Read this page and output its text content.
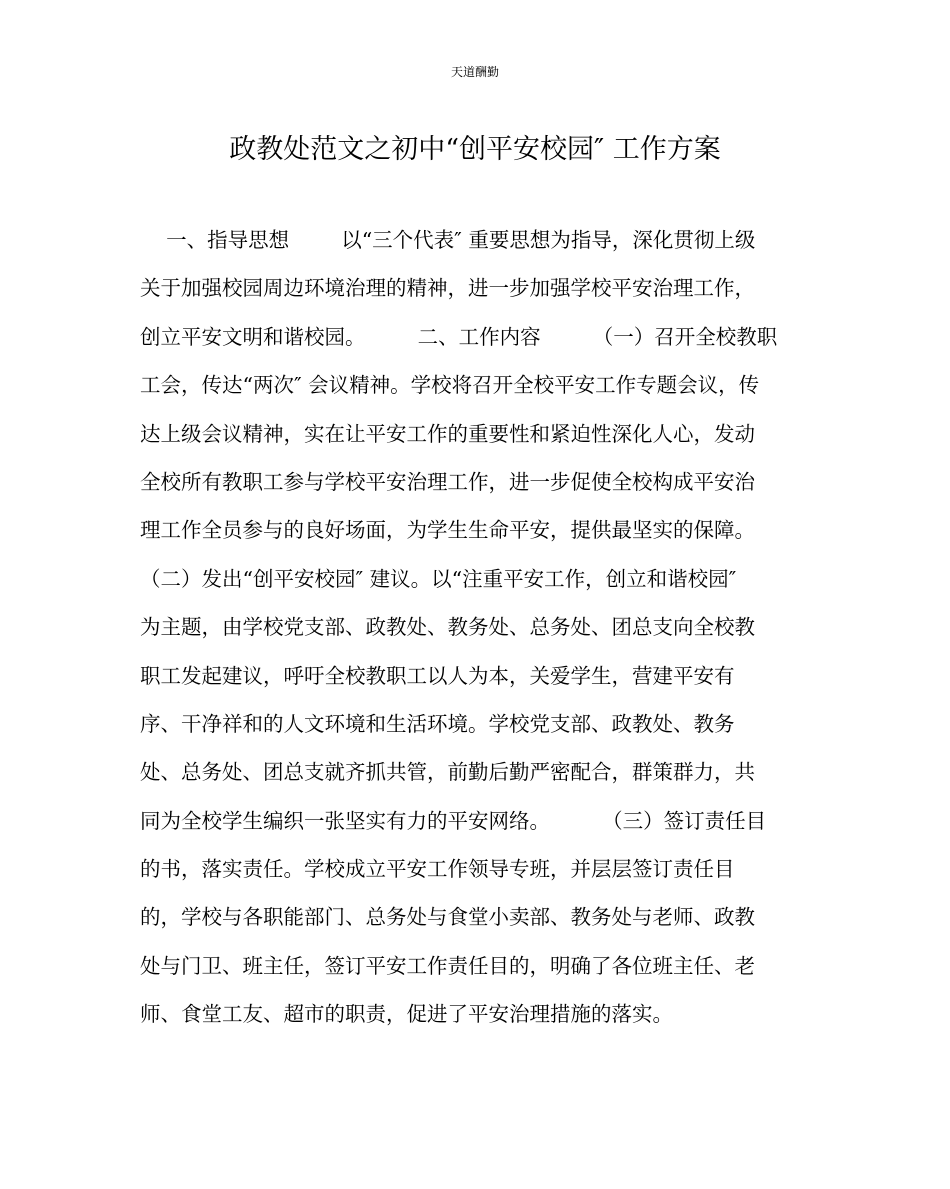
天道酬勤
政教处范文之初中“创平安校园″ 工作方案

一、指导思想        以“三个代表″ 重要思想为指导，深化贯彻上级

关于加强校园周边环境治理的精神，进一步加强学校平安治理工作，

创立平安文明和谐校园。        二、工作内容        （一）召开全校教职

工会，传达“两次″ 会议精神。学校将召开全校平安工作专题会议，传

达上级会议精神，实在让平安工作的重要性和紧迫性深化人心，发动

全校所有教职工参与学校平安治理工作，进一步促使全校构成平安治

理工作全员参与的良好场面，为学生生命平安，提供最坚实的保障。

（二）发出“创平安校园″ 建议。以“注重平安工作，创立和谐校园″

为主题，由学校党支部、政教处、教务处、总务处、团总支向全校教

职工发起建议，呼吁全校教职工以人为本，关爱学生，营建平安有

序、干净祥和的人文环境和生活环境。学校党支部、政教处、教务

处、总务处、团总支就齐抓共管，前勤后勤严密配合，群策群力，共

同为全校学生编织一张坚实有力的平安网络。        （三）签订责任目

的书，落实责任。学校成立平安工作领导专班，并层层签订责任目

的，学校与各职能部门、总务处与食堂小卖部、教务处与老师、政教

处与门卫、班主任，签订平安工作责任目的，明确了各位班主任、老

师、食堂工友、超市的职责，促进了平安治理措施的落实。
